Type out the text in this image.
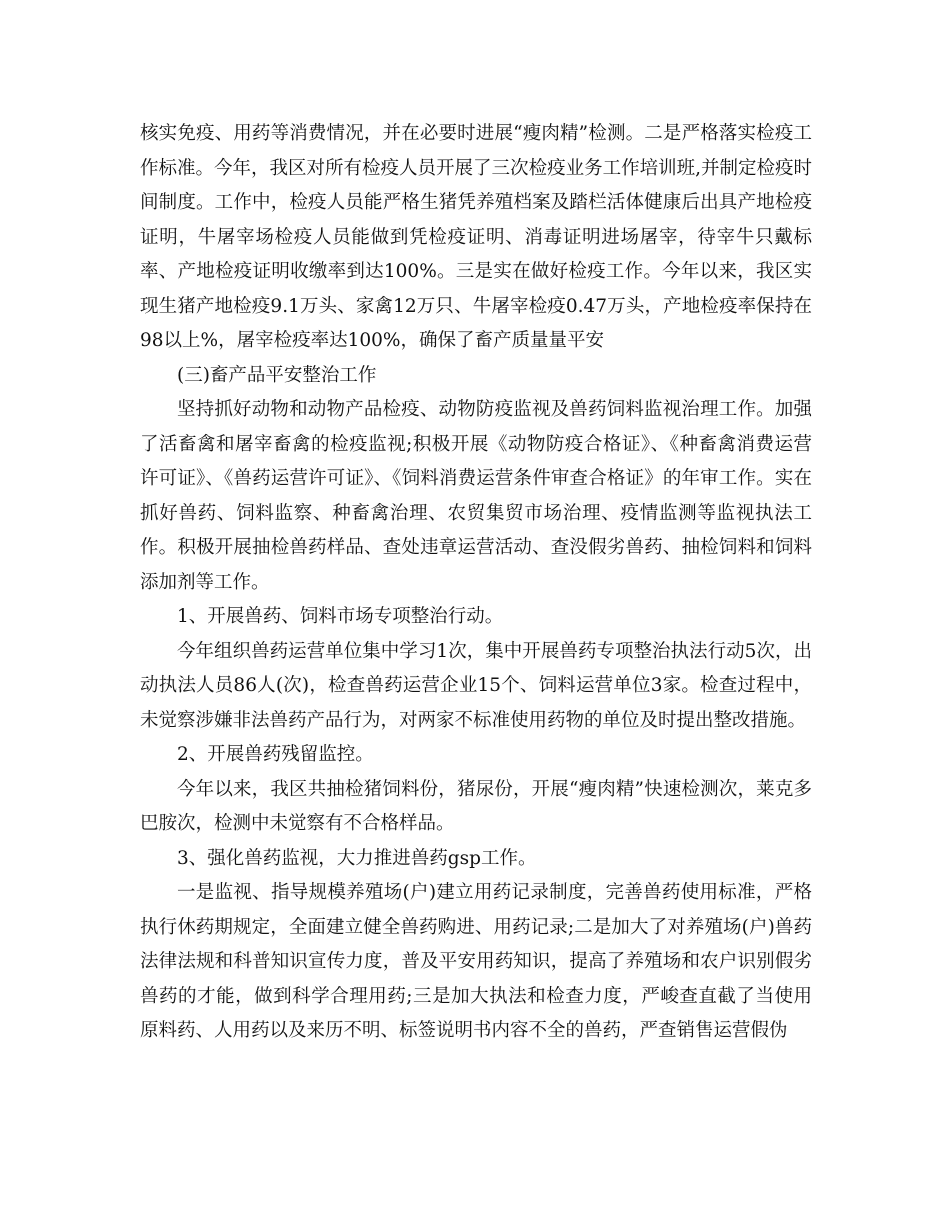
核实免疫、用药等消费情况，并在必要时进展“瘦肉精”检测。二是严格落实检疫工作标准。今年，我区对所有检疫人员开展了三次检疫业务工作培训班,并制定检疫时间制度。工作中，检疫人员能严格生猪凭养殖档案及踏栏活体健康后出具产地检疫证明，牛屠宰场检疫人员能做到凭检疫证明、消毒证明进场屠宰，待宰牛只戴标率、产地检疫证明收缴率到达100%。三是实在做好检疫工作。今年以来，我区实现生猪产地检疫9.1万头、家禽12万只、牛屠宰检疫0.47万头，产地检疫率保持在98以上%，屠宰检疫率达100%，确保了畜产质量量平安

(三)畜产品平安整治工作

坚持抓好动物和动物产品检疫、动物防疫监视及兽药饲料监视治理工作。加强了活畜禽和屠宰畜禽的检疫监视;积极开展《动物防疫合格证》、《种畜禽消费运营许可证》、《兽药运营许可证》、《饲料消费运营条件审查合格证》的年审工作。实在抓好兽药、饲料监察、种畜禽治理、农贸集贸市场治理、疫情监测等监视执法工作。积极开展抽检兽药样品、查处违章运营活动、查没假劣兽药、抽检饲料和饲料添加剂等工作。

1、开展兽药、饲料市场专项整治行动。

今年组织兽药运营单位集中学习1次，集中开展兽药专项整治执法行动5次，出动执法人员86人(次)，检查兽药运营企业15个、饲料运营单位3家。检查过程中，未觉察涉嫌非法兽药产品行为，对两家不标准使用药物的单位及时提出整改措施。

2、开展兽药残留监控。

今年以来，我区共抽检猪饲料份，猪尿份，开展“瘦肉精”快速检测次，莱克多巴胺次，检测中未觉察有不合格样品。

3、强化兽药监视，大力推进兽药gsp工作。

一是监视、指导规模养殖场(户)建立用药记录制度，完善兽药使用标准，严格执行休药期规定，全面建立健全兽药购进、用药记录;二是加大了对养殖场(户)兽药法律法规和科普知识宣传力度，普及平安用药知识，提高了养殖场和农户识别假劣兽药的才能，做到科学合理用药;三是加大执法和检查力度，严峻查直截了当使用原料药、人用药以及来历不明、标签说明书内容不全的兽药，严查销售运营假伪
